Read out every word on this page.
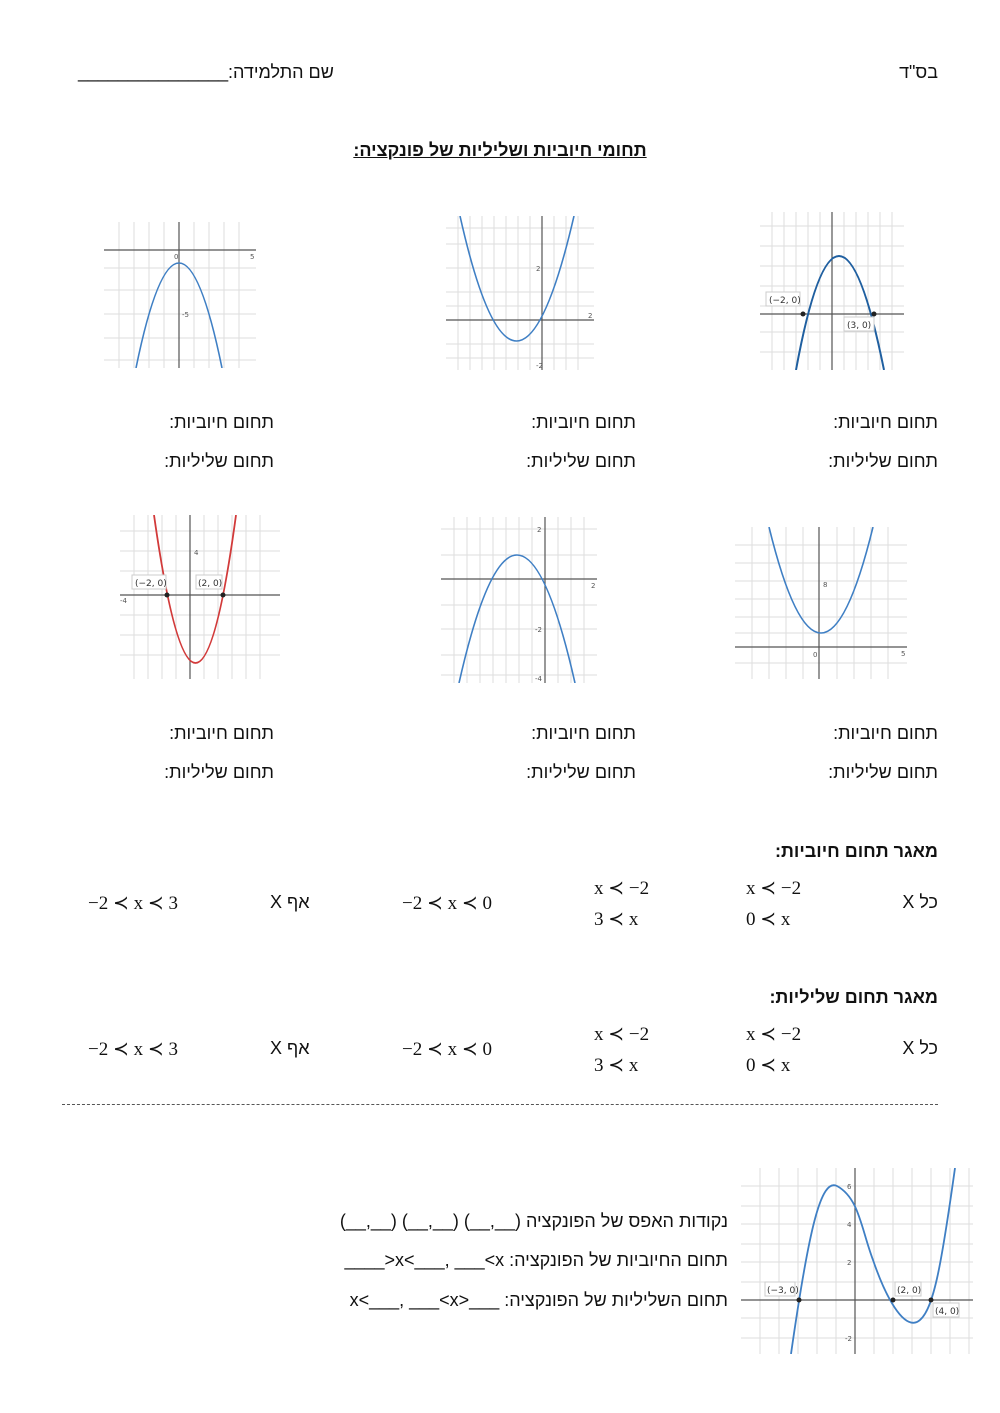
בס"ד
שם התלמידה:
_______________
תחומי חיוביות ושליליות של פונקציה:
(−2, 0)
(3, 0)
2
-2
2
-5
5
0
תחום חיוביות:
תחום שליליות:
תחום חיוביות:
תחום שליליות:
תחום חיוביות:
תחום שליליות:
8
0	5
2
-2
-4
2
(−2, 0)	(2, 0)
4
-4
תחום חיוביות:
תחום שליליות:
תחום חיוביות:
תחום שליליות:
תחום חיוביות:
תחום שליליות:
מאגר תחום חיוביות:
כל X
x ≺ −2
0 ≺ x
x ≺ −2
3 ≺ x
−2 ≺ x ≺ 0
אף X
−2 ≺ x ≺ 3
מאגר תחום שליליות:
כל X
x ≺ −2
0 ≺ x
x ≺ −2
3 ≺ x
−2 ≺ x ≺ 0
אף X
−2 ≺ x ≺ 3
(−3, 0)	(2, 0)
(4, 0)
6
4
2
-2
נקודות האפס של הפונקציה (__,__) (__,__) (__,__)
תחום החיוביות של הפונקציה: x<___, ___<x<____
תחום השליליות של הפונקציה: ___<x<___, ___<x
